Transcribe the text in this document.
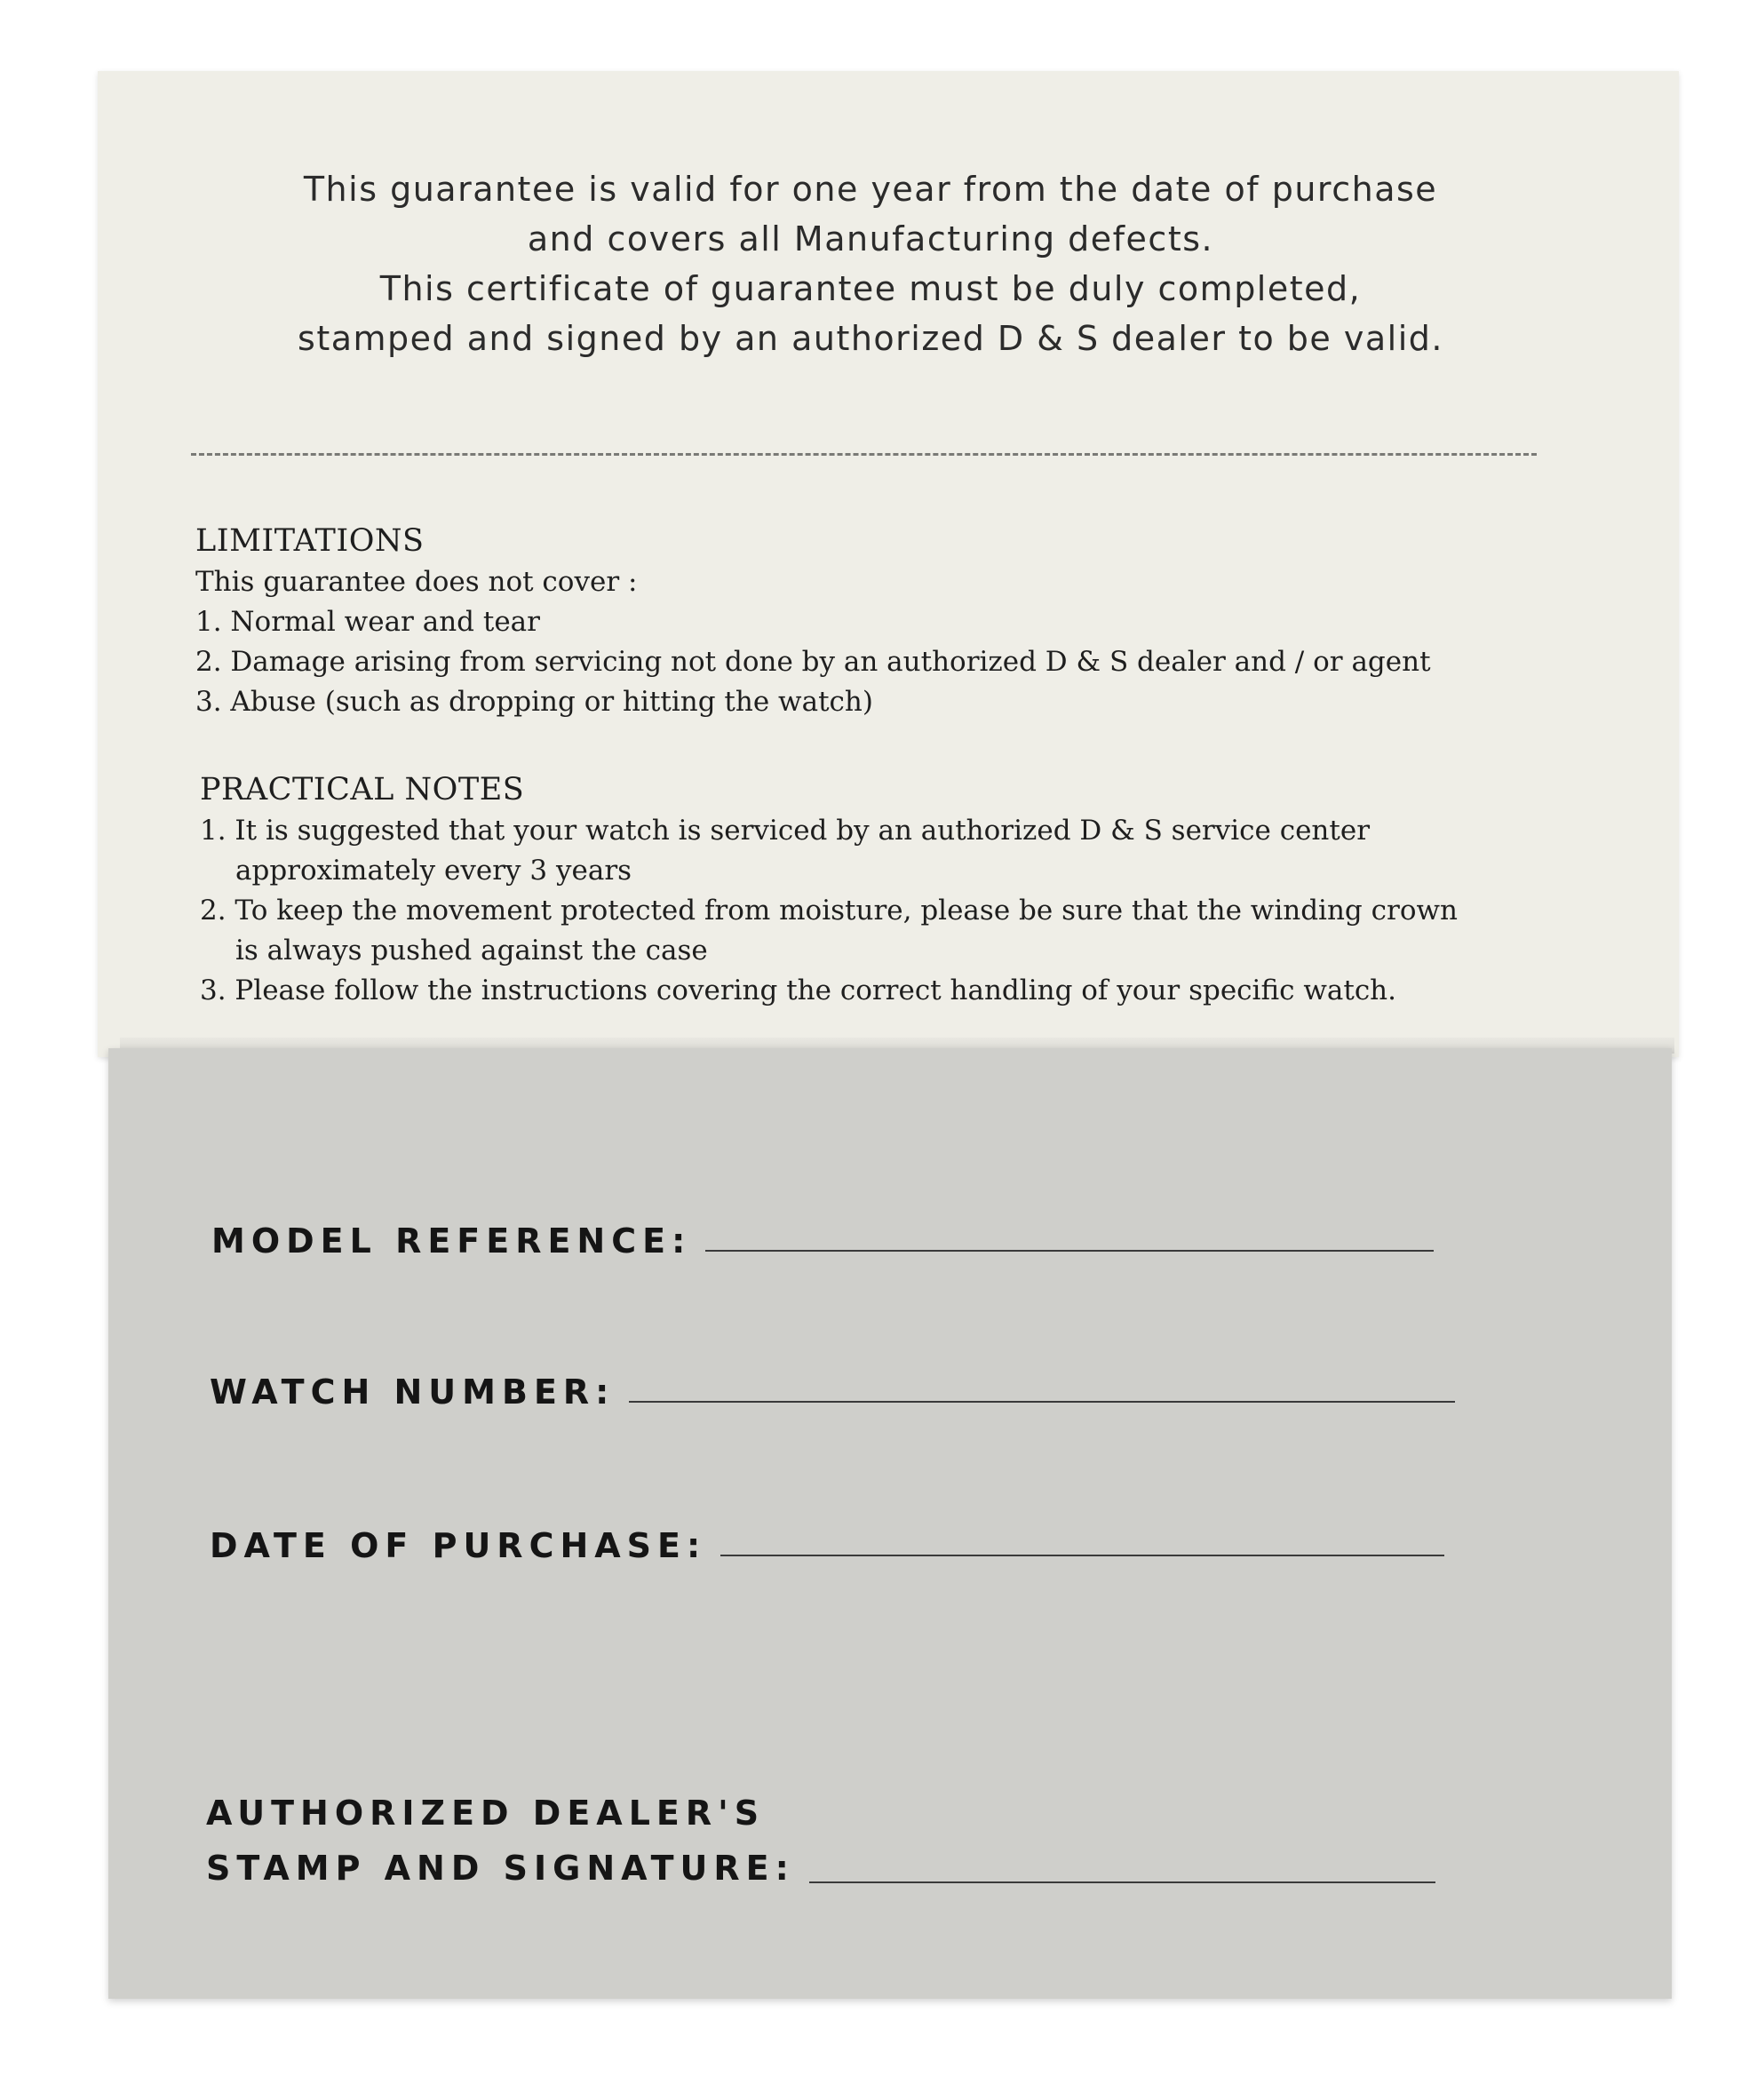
This guarantee is valid for one year from the date of purchase
and covers all Manufacturing defects.
This certificate of guarantee must be duly completed,
stamped and signed by an authorized D & S dealer to be valid.
LIMITATIONS
This guarantee does not cover :
1. Normal wear and tear
2. Damage arising from servicing not done by an authorized D & S dealer and / or agent
3. Abuse (such as dropping or hitting the watch)
PRACTICAL NOTES
1. It is suggested that your watch is serviced by an authorized D & S service center
approximately every 3 years
2. To keep the movement protected from moisture, please be sure that the winding crown
is always pushed against the case
3. Please follow the instructions covering the correct handling of your specific watch.
MODEL REFERENCE:
WATCH NUMBER:
DATE OF PURCHASE:
AUTHORIZED DEALER'S
STAMP AND SIGNATURE:
